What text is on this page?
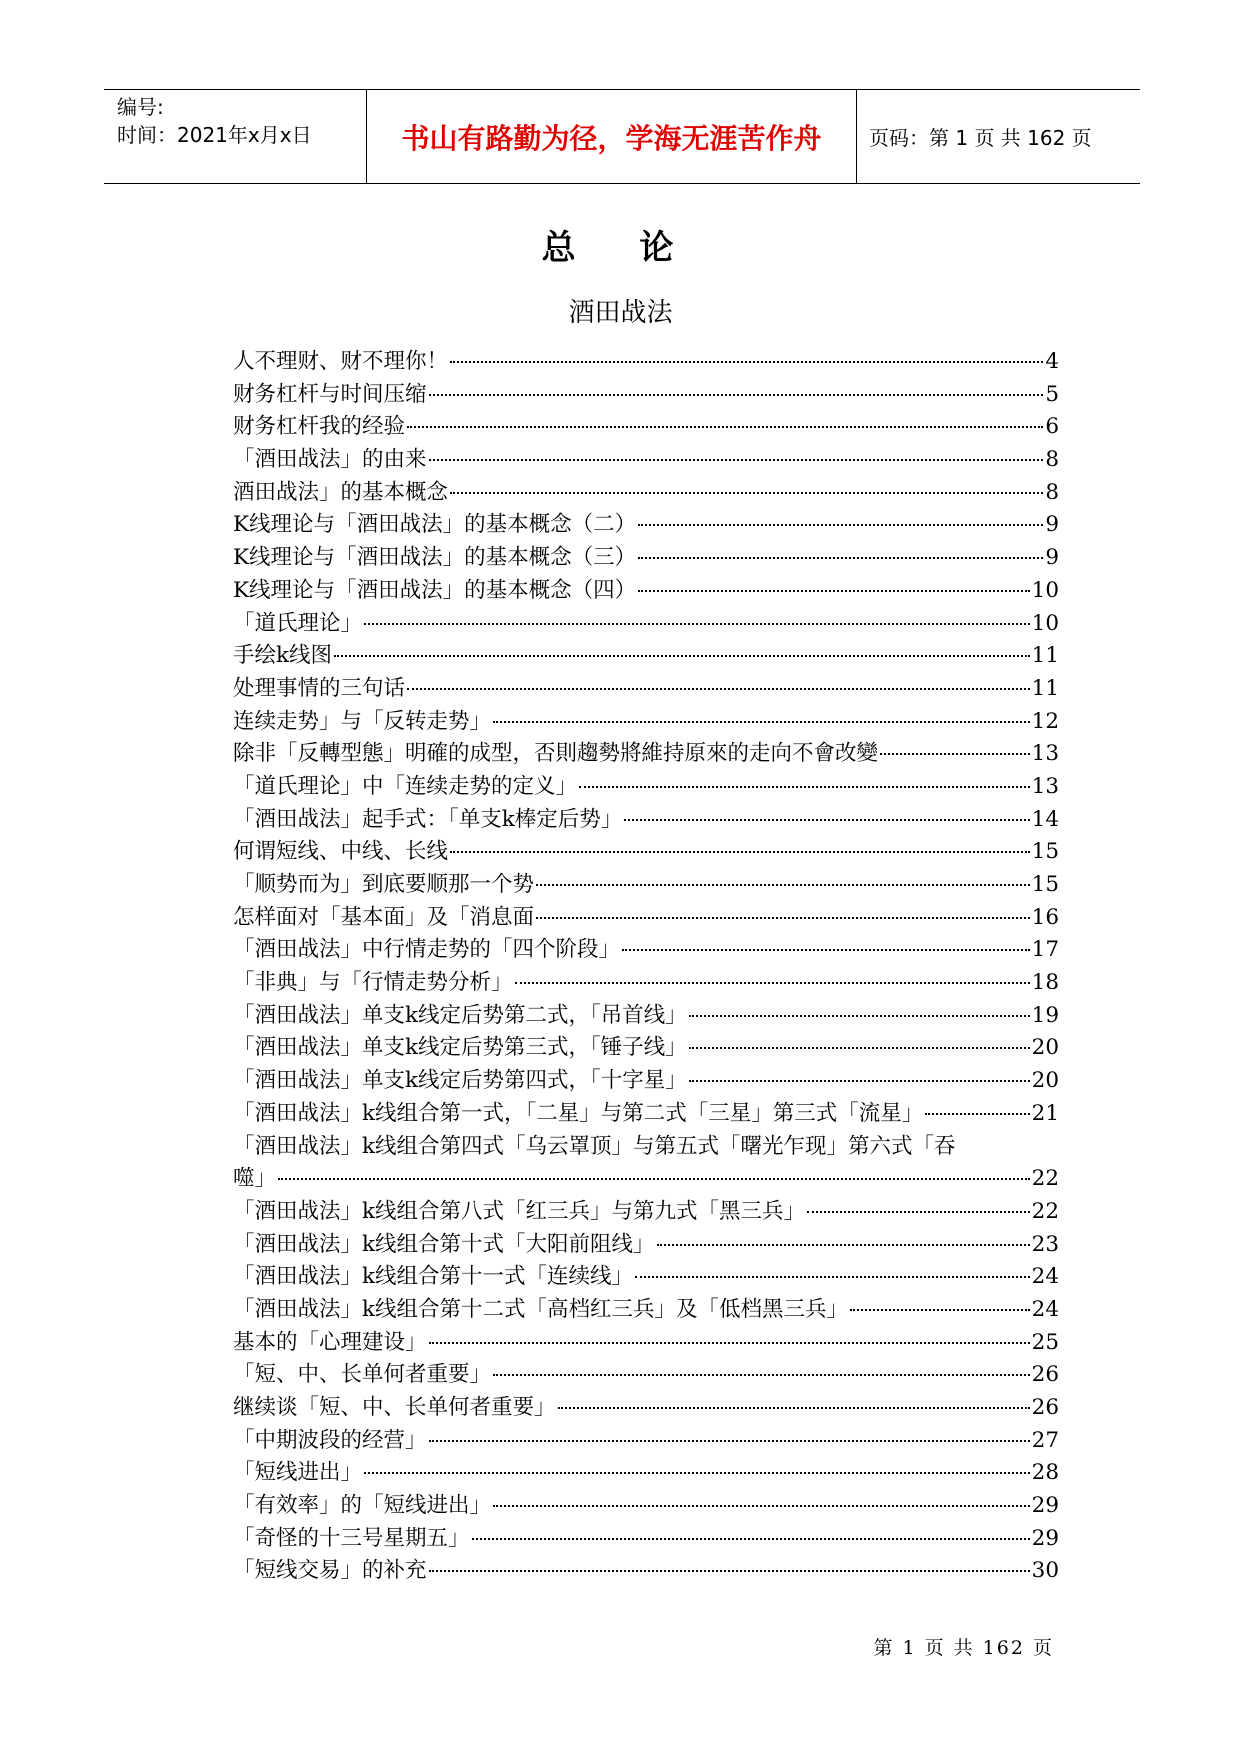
编号:
时间：2021年x月x日	书山有路勤为径，学海无涯苦作舟	页码：第 1 页 共 162 页
总 论
酒田战法
人不理财、财不理你！	4
财务杠杆与时间压缩	5
财务杠杆我的经验	6
「酒田战法」的由来	8
酒田战法」的基本概念	8
K线理论与「酒田战法」的基本概念（二）	9
K线理论与「酒田战法」的基本概念（三）	9
K线理论与「酒田战法」的基本概念（四）	10
「道氏理论」	10
手绘k线图	11
处理事情的三句话	11
连续走势」与「反转走势」	12
除非「反轉型態」明確的成型，否則趨勢將維持原來的走向不會改變	13
「道氏理论」中「连续走势的定义」	13
「酒田战法」起手式：「单支k棒定后势」	14
何谓短线、中线、长线	15
「顺势而为」到底要顺那一个势	15
怎样面对「基本面」及「消息面	16
「酒田战法」中行情走势的「四个阶段」	17
「非典」与「行情走势分析」	18
「酒田战法」单支k线定后势第二式，「吊首线」	19
「酒田战法」单支k线定后势第三式，「锤子线」	20
「酒田战法」单支k线定后势第四式，「十字星」	20
「酒田战法」k线组合第一式，「二星」与第二式「三星」第三式「流星」	21
「酒田战法」k线组合第四式「乌云罩顶」与第五式「曙光乍现」第六式「吞
噬」	22
「酒田战法」k线组合第八式「红三兵」与第九式「黑三兵」	22
「酒田战法」k线组合第十式「大阳前阻线」	23
「酒田战法」k线组合第十一式「连续线」	24
「酒田战法」k线组合第十二式「高档红三兵」及「低档黑三兵」	24
基本的「心理建设」	25
「短、中、长单何者重要」	26
继续谈「短、中、长单何者重要」	26
「中期波段的经营」	27
「短线进出」	28
「有效率」的「短线进出」	29
「奇怪的十三号星期五」	29
「短线交易」的补充	30
第 1 页 共 162 页
